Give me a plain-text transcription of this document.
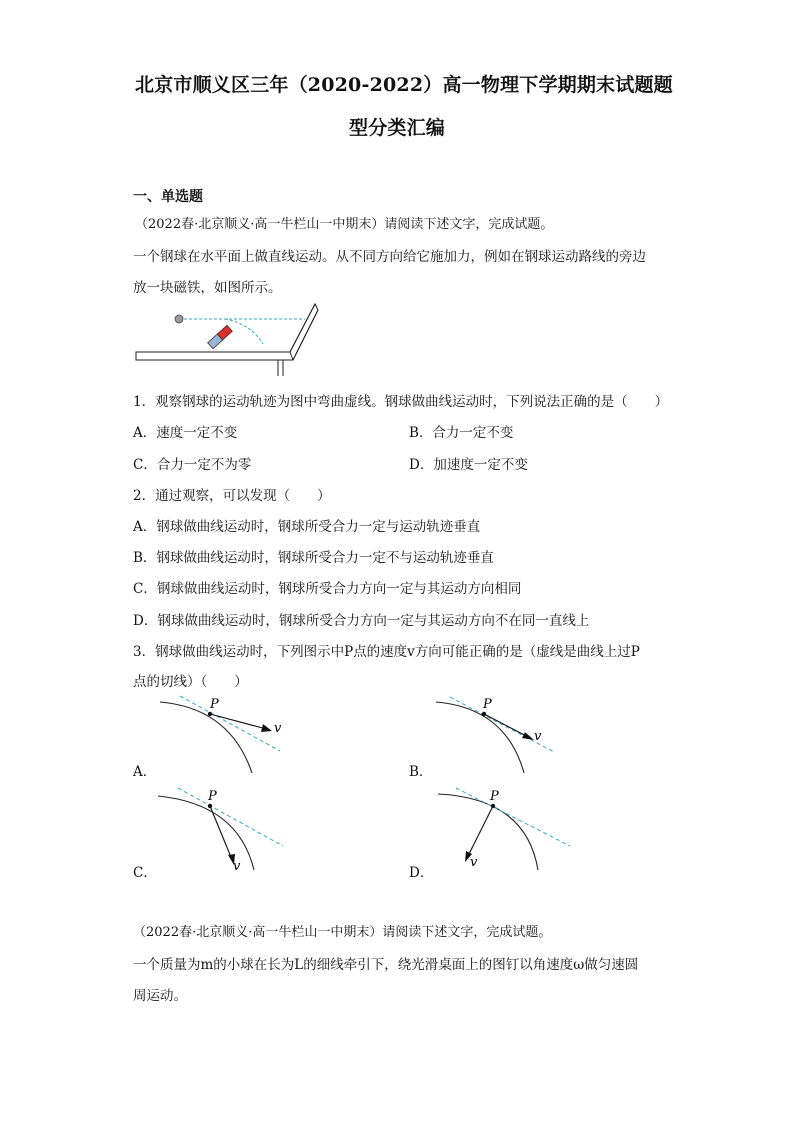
北京市顺义区三年（2020-2022）高一物理下学期期末试题题
型分类汇编
一、单选题
（2022春·北京顺义·高一牛栏山一中期末）请阅读下述文字，完成试题。
一个钢球在水平面上做直线运动。从不同方向给它施加力，例如在钢球运动路线的旁边
放一块磁铁，如图所示。
1．观察钢球的运动轨迹为图中弯曲虚线。钢球做曲线运动时，下列说法正确的是（　　）
A．速度一定不变	B．合力一定不变
C．合力一定不为零	D．加速度一定不变
2．通过观察，可以发现（　　）
A．钢球做曲线运动时，钢球所受合力一定与运动轨迹垂直
B．钢球做曲线运动时，钢球所受合力一定不与运动轨迹垂直
C．钢球做曲线运动时，钢球所受合力方向一定与其运动方向相同
D．钢球做曲线运动时，钢球所受合力方向一定与其运动方向不在同一直线上
3．钢球做曲线运动时，下列图示中P点的速度v方向可能正确的是（虚线是曲线上过P
点的切线）（　　）
P
v
A．
P
v
B．
P
v
C．
P
v
D．
（2022春·北京顺义·高一牛栏山一中期末）请阅读下述文字，完成试题。
一个质量为m的小球在长为L的细线牵引下，绕光滑桌面上的图钉以角速度ω做匀速圆
周运动。
